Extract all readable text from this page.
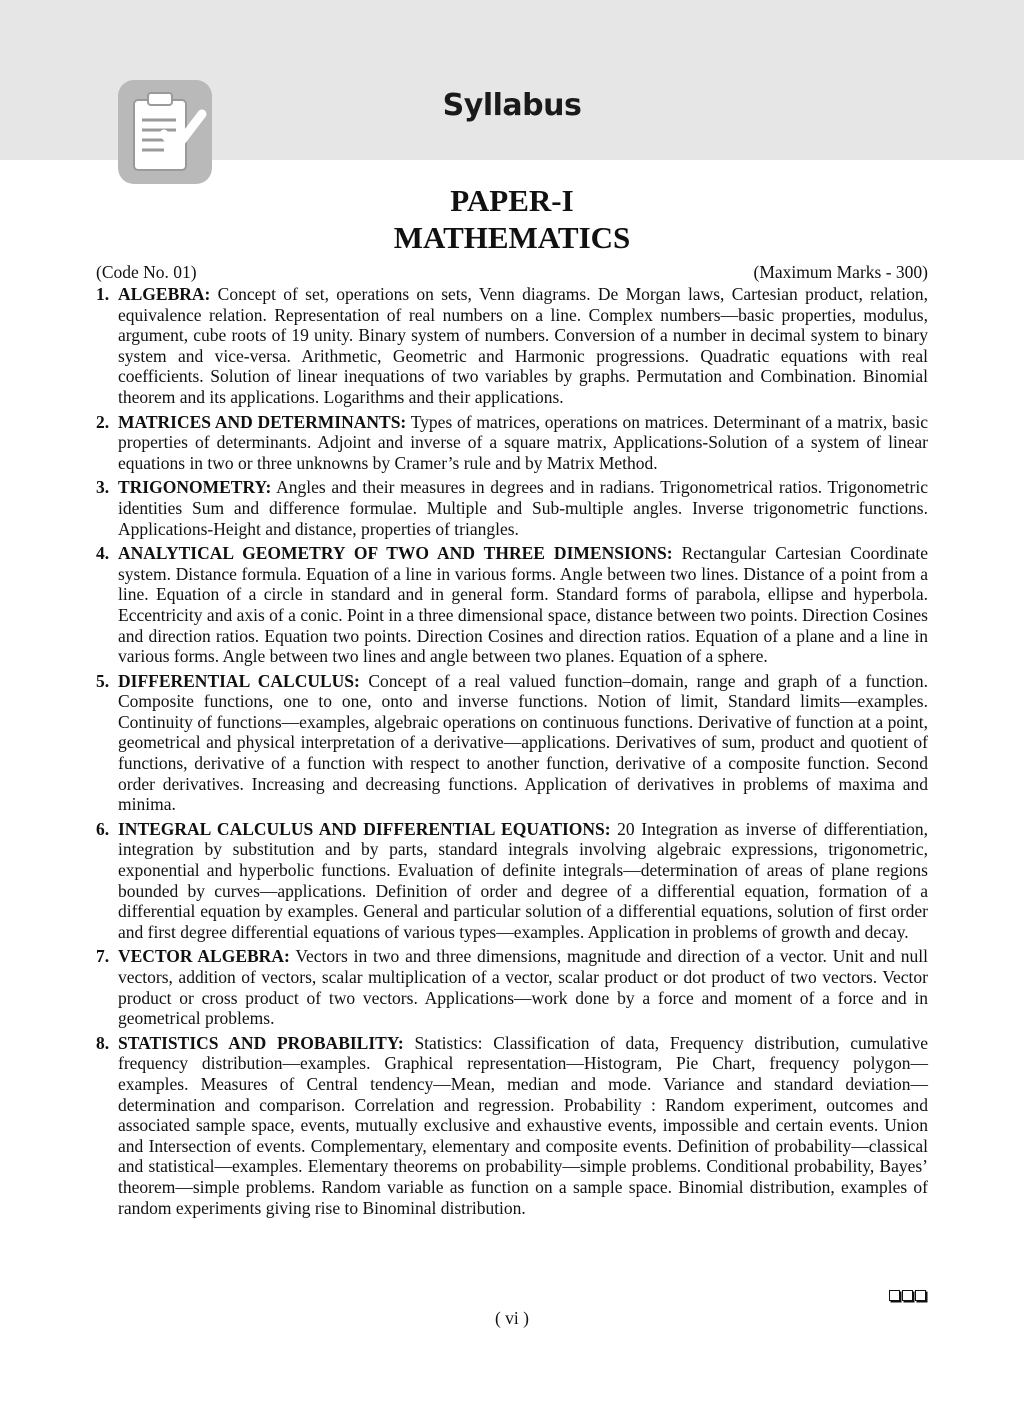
Syllabus
PAPER-I
MATHEMATICS
(Code No. 01)	(Maximum Marks - 300)
1. ALGEBRA: Concept of set, operations on sets, Venn diagrams. De Morgan laws, Cartesian product, relation, equivalence relation. Representation of real numbers on a line. Complex numbers—basic properties, modulus, argument, cube roots of 19 unity. Binary system of numbers. Conversion of a number in decimal system to binary system and vice-versa. Arithmetic, Geometric and Harmonic progressions. Quadratic equations with real coefficients. Solution of linear inequations of two variables by graphs. Permutation and Combination. Binomial theorem and its applications. Logarithms and their applications.

2. MATRICES AND DETERMINANTS: Types of matrices, operations on matrices. Determinant of a matrix, basic properties of determinants. Adjoint and inverse of a square matrix, Applications-Solution of a system of linear equations in two or three unknowns by Cramer’s rule and by Matrix Method.

3. TRIGONOMETRY: Angles and their measures in degrees and in radians. Trigonometrical ratios. Trigonometric identities Sum and difference formulae. Multiple and Sub-multiple angles. Inverse trigonometric functions. Applications-Height and distance, properties of triangles.

4. ANALYTICAL GEOMETRY OF TWO AND THREE DIMENSIONS: Rectangular Cartesian Coordinate system. Distance formula. Equation of a line in various forms. Angle between two lines. Distance of a point from a line. Equation of a circle in standard and in general form. Standard forms of parabola, ellipse and hyperbola. Eccentricity and axis of a conic. Point in a three dimensional space, distance between two points. Direction Cosines and direction ratios. Equation two points. Direction Cosines and direction ratios. Equation of a plane and a line in various forms. Angle between two lines and angle between two planes. Equation of a sphere.

5. DIFFERENTIAL CALCULUS: Concept of a real valued function–domain, range and graph of a function. Composite functions, one to one, onto and inverse functions. Notion of limit, Standard limits—examples. Continuity of functions—examples, algebraic operations on continuous functions. Derivative of function at a point, geometrical and physical interpretation of a derivative—applications. Derivatives of sum, product and quotient of functions, derivative of a function with respect to another function, derivative of a composite function. Second order derivatives. Increasing and decreasing functions. Application of derivatives in problems of maxima and minima.

6. INTEGRAL CALCULUS AND DIFFERENTIAL EQUATIONS: 20 Integration as inverse of differentiation, integration by substitution and by parts, standard integrals involving algebraic expressions, trigonometric, exponential and hyperbolic functions. Evaluation of definite integrals—determination of areas of plane regions bounded by curves—applications. Definition of order and degree of a differential equation, formation of a differential equation by examples. General and particular solution of a differential equations, solution of first order and first degree differential equations of various types—examples. Application in problems of growth and decay.

7. VECTOR ALGEBRA: Vectors in two and three dimensions, magnitude and direction of a vector. Unit and null vectors, addition of vectors, scalar multiplication of a vector, scalar product or dot product of two vectors. Vector product or cross product of two vectors. Applications—work done by a force and moment of a force and in geometrical problems.

8. STATISTICS AND PROBABILITY: Statistics: Classification of data, Frequency distribution, cumulative frequency distribution—examples. Graphical representation—Histogram, Pie Chart, frequency polygon— examples. Measures of Central tendency—Mean, median and mode. Variance and standard deviation—determination and comparison. Correlation and regression. Probability : Random experiment, outcomes and associated sample space, events, mutually exclusive and exhaustive events, impossible and certain events. Union and Intersection of events. Complementary, elementary and composite events. Definition of probability—classical and statistical—examples. Elementary theorems on probability—simple problems. Conditional probability, Bayes’ theorem—simple problems. Random variable as function on a sample space. Binomial distribution, examples of random experiments giving rise to Binominal distribution.

( vi )
